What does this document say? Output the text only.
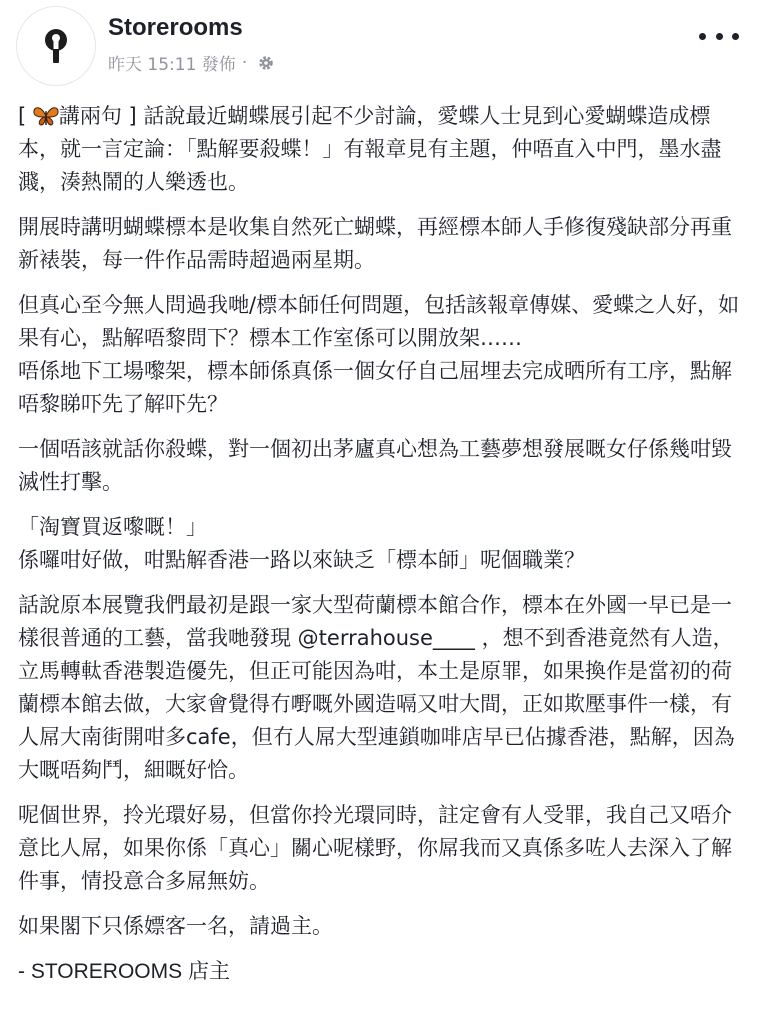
Storerooms
昨天 15:11 發佈 ·

[ 講兩句 ] 話說最近蝴蝶展引起不少討論，愛蝶人士見到心愛蝴蝶造成標本，就一言定論：「點解要殺蝶！」有報章見有主題，仲唔直入中門，墨水盡濺，湊熱鬧的人樂透也。

開展時講明蝴蝶標本是收集自然死亡蝴蝶，再經標本師人手修復殘缺部分再重新裱裝，每一件作品需時超過兩星期。

但真心至今無人問過我哋/標本師任何問題，包括該報章傳媒、愛蝶之人好，如果有心，點解唔黎問下？標本工作室係可以開放架……
唔係地下工場嚟架，標本師係真係一個女仔自己屈埋去完成晒所有工序，點解唔黎睇吓先了解吓先？

一個唔該就話你殺蝶，對一個初出茅廬真心想為工藝夢想發展嘅女仔係幾咁毀滅性打擊。

「淘寶買返嚟嘅！」
係囉咁好做，咁點解香港一路以來缺乏「標本師」呢個職業？

話說原本展覽我們最初是跟一家大型荷蘭標本館合作，標本在外國一早已是一樣很普通的工藝，當我哋發現 @terrahouse____ ，想不到香港竟然有人造，立馬轉軚香港製造優先，但正可能因為咁，本土是原罪，如果換作是當初的荷蘭標本館去做，大家會覺得冇嘢嘅外國造嗝又咁大間，正如欺壓事件一樣，有人屌大南街開咁多cafe，但冇人屌大型連鎖咖啡店早已佔據香港，點解，因為大嘅唔夠鬥，細嘅好恰。

呢個世界，拎光環好易，但當你拎光環同時，註定會有人受罪，我自己又唔介意比人屌，如果你係「真心」關心呢樣野，你屌我而又真係多咗人去深入了解件事，情投意合多屌無妨。

如果閣下只係嫖客一名，請過主。

- STOREROOMS 店主
